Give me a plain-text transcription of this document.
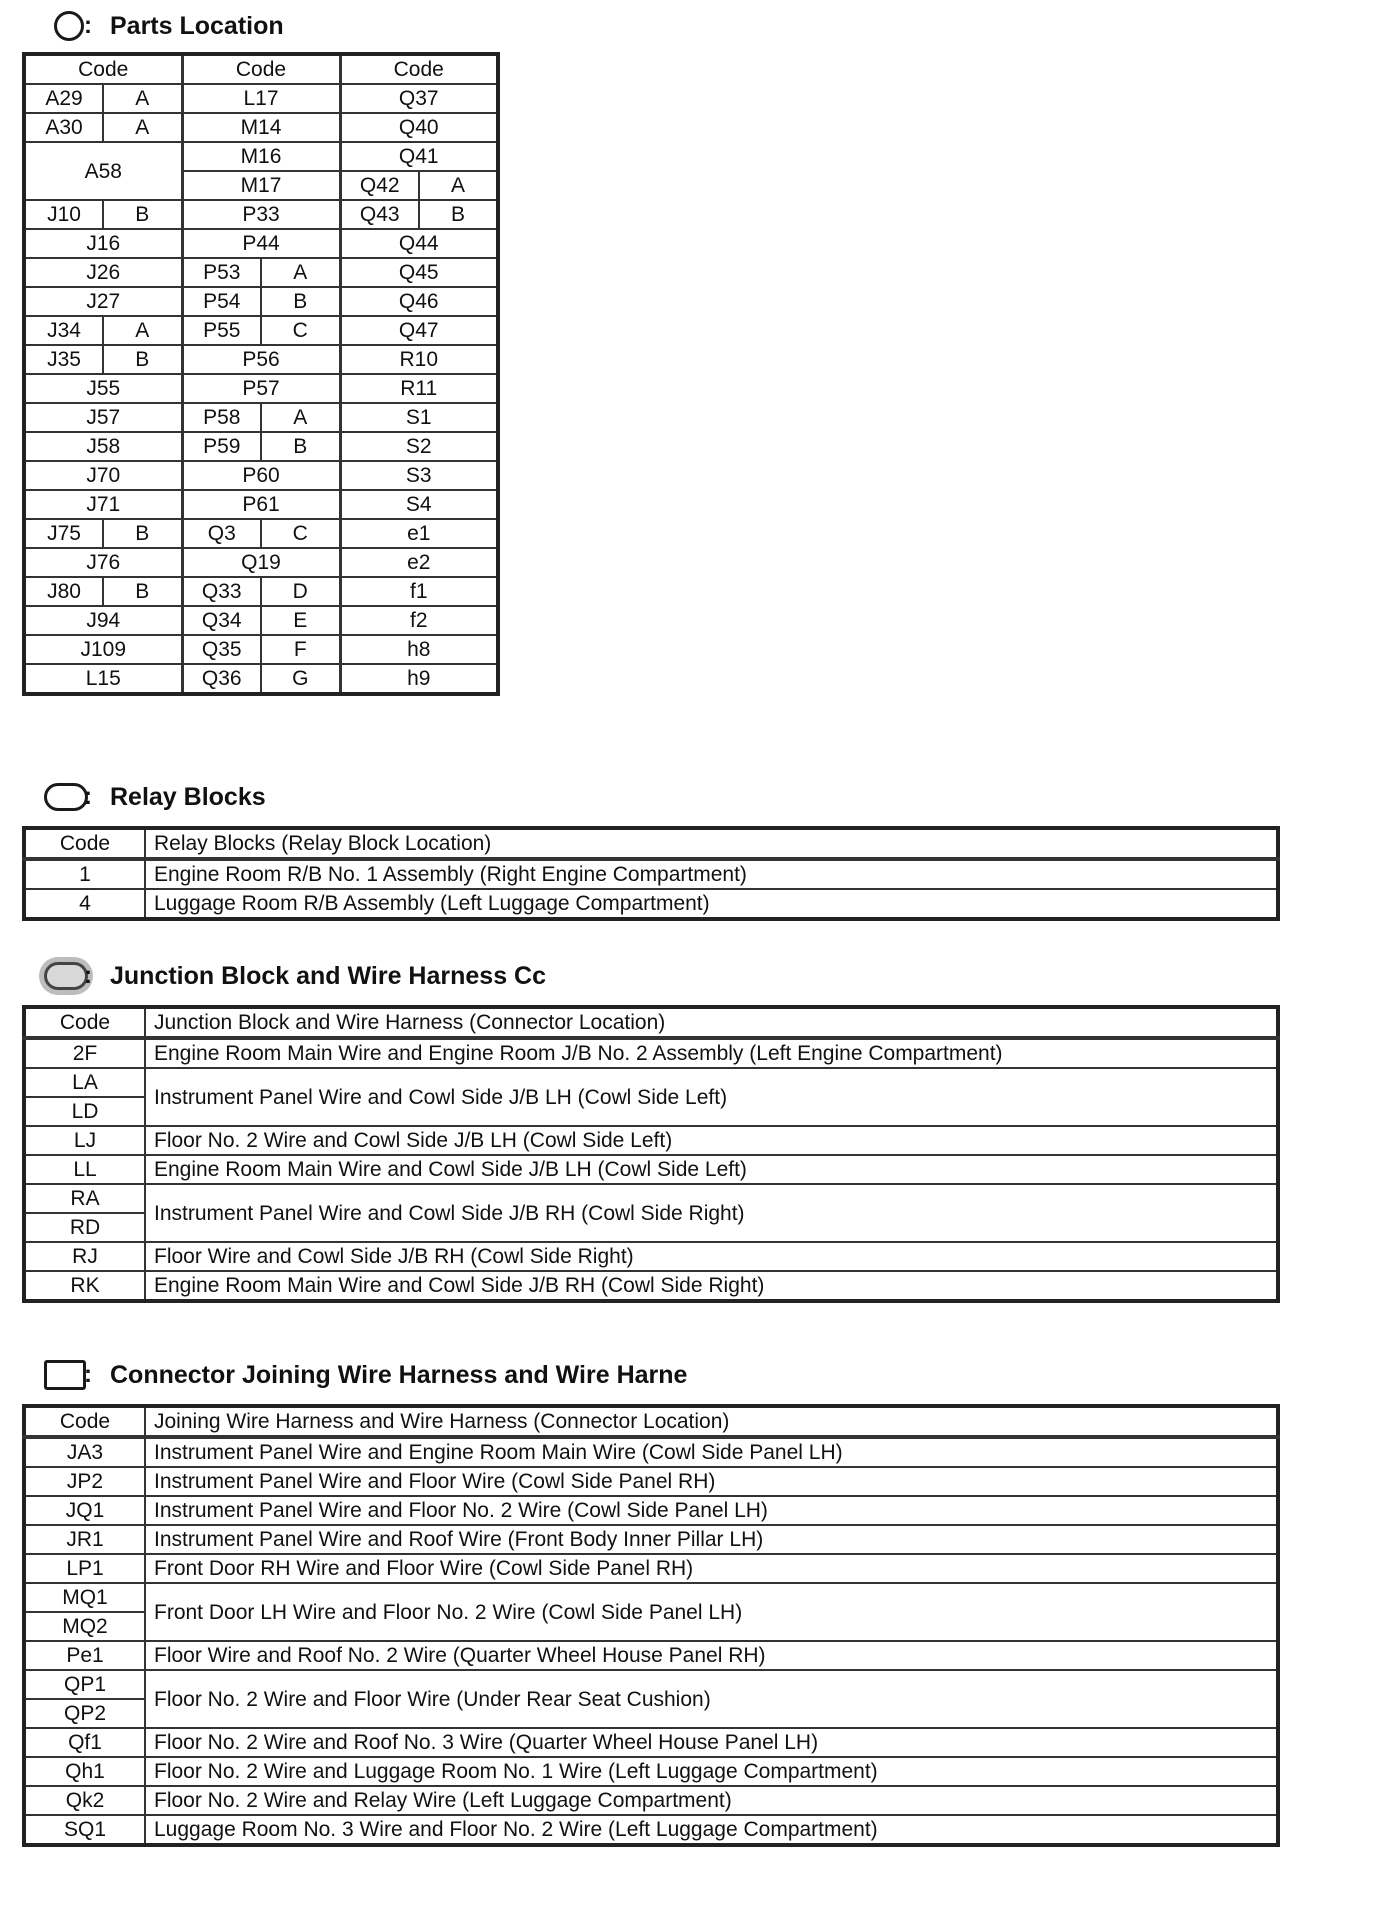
: Parts Location
Code		Code		Code	
A29	A	L17		Q37	
A30	A	M14		Q40	
A58		M16		Q41	
		M17		Q42	A
J10	B	P33		Q43	B
J16		P44		Q44	
J26		P53	A	Q45	
J27		P54	B	Q46	
J34	A	P55	C	Q47	
J35	B	P56		R10	
J55		P57		R11	
J57		P58	A	S1	
J58		P59	B	S2	
J70		P60		S3	
J71		P61		S4	
J75	B	Q3	C	e1	
J76		Q19		e2	
J80	B	Q33	D	f1	
J94		Q34	E	f2	
J109		Q35	F	h8	
L15		Q36	G	h9	
: Relay Blocks
Code	Relay Blocks (Relay Block Location)
1	Engine Room R/B No. 1 Assembly (Right Engine Compartment)
4	Luggage Room R/B Assembly (Left Luggage Compartment)
: Junction Block and Wire Harness Cc
Code	Junction Block and Wire Harness (Connector Location)
2F	Engine Room Main Wire and Engine Room J/B No. 2 Assembly (Left Engine Compartment)
LA	Instrument Panel Wire and Cowl Side J/B LH (Cowl Side Left)
LD	
LJ	Floor No. 2 Wire and Cowl Side J/B LH (Cowl Side Left)
LL	Engine Room Main Wire and Cowl Side J/B LH (Cowl Side Left)
RA	Instrument Panel Wire and Cowl Side J/B RH (Cowl Side Right)
RD	
RJ	Floor Wire and Cowl Side J/B RH (Cowl Side Right)
RK	Engine Room Main Wire and Cowl Side J/B RH (Cowl Side Right)
: Connector Joining Wire Harness and Wire Harne
Code	Joining Wire Harness and Wire Harness (Connector Location)
JA3	Instrument Panel Wire and Engine Room Main Wire (Cowl Side Panel LH)
JP2	Instrument Panel Wire and Floor Wire (Cowl Side Panel RH)
JQ1	Instrument Panel Wire and Floor No. 2 Wire (Cowl Side Panel LH)
JR1	Instrument Panel Wire and Roof Wire (Front Body Inner Pillar LH)
LP1	Front Door RH Wire and Floor Wire (Cowl Side Panel RH)
MQ1	Front Door LH Wire and Floor No. 2 Wire (Cowl Side Panel LH)
MQ2	
Pe1	Floor Wire and Roof No. 2 Wire (Quarter Wheel House Panel RH)
QP1	Floor No. 2 Wire and Floor Wire (Under Rear Seat Cushion)
QP2	
Qf1	Floor No. 2 Wire and Roof No. 3 Wire (Quarter Wheel House Panel LH)
Qh1	Floor No. 2 Wire and Luggage Room No. 1 Wire (Left Luggage Compartment)
Qk2	Floor No. 2 Wire and Relay Wire (Left Luggage Compartment)
SQ1	Luggage Room No. 3 Wire and Floor No. 2 Wire (Left Luggage Compartment)
